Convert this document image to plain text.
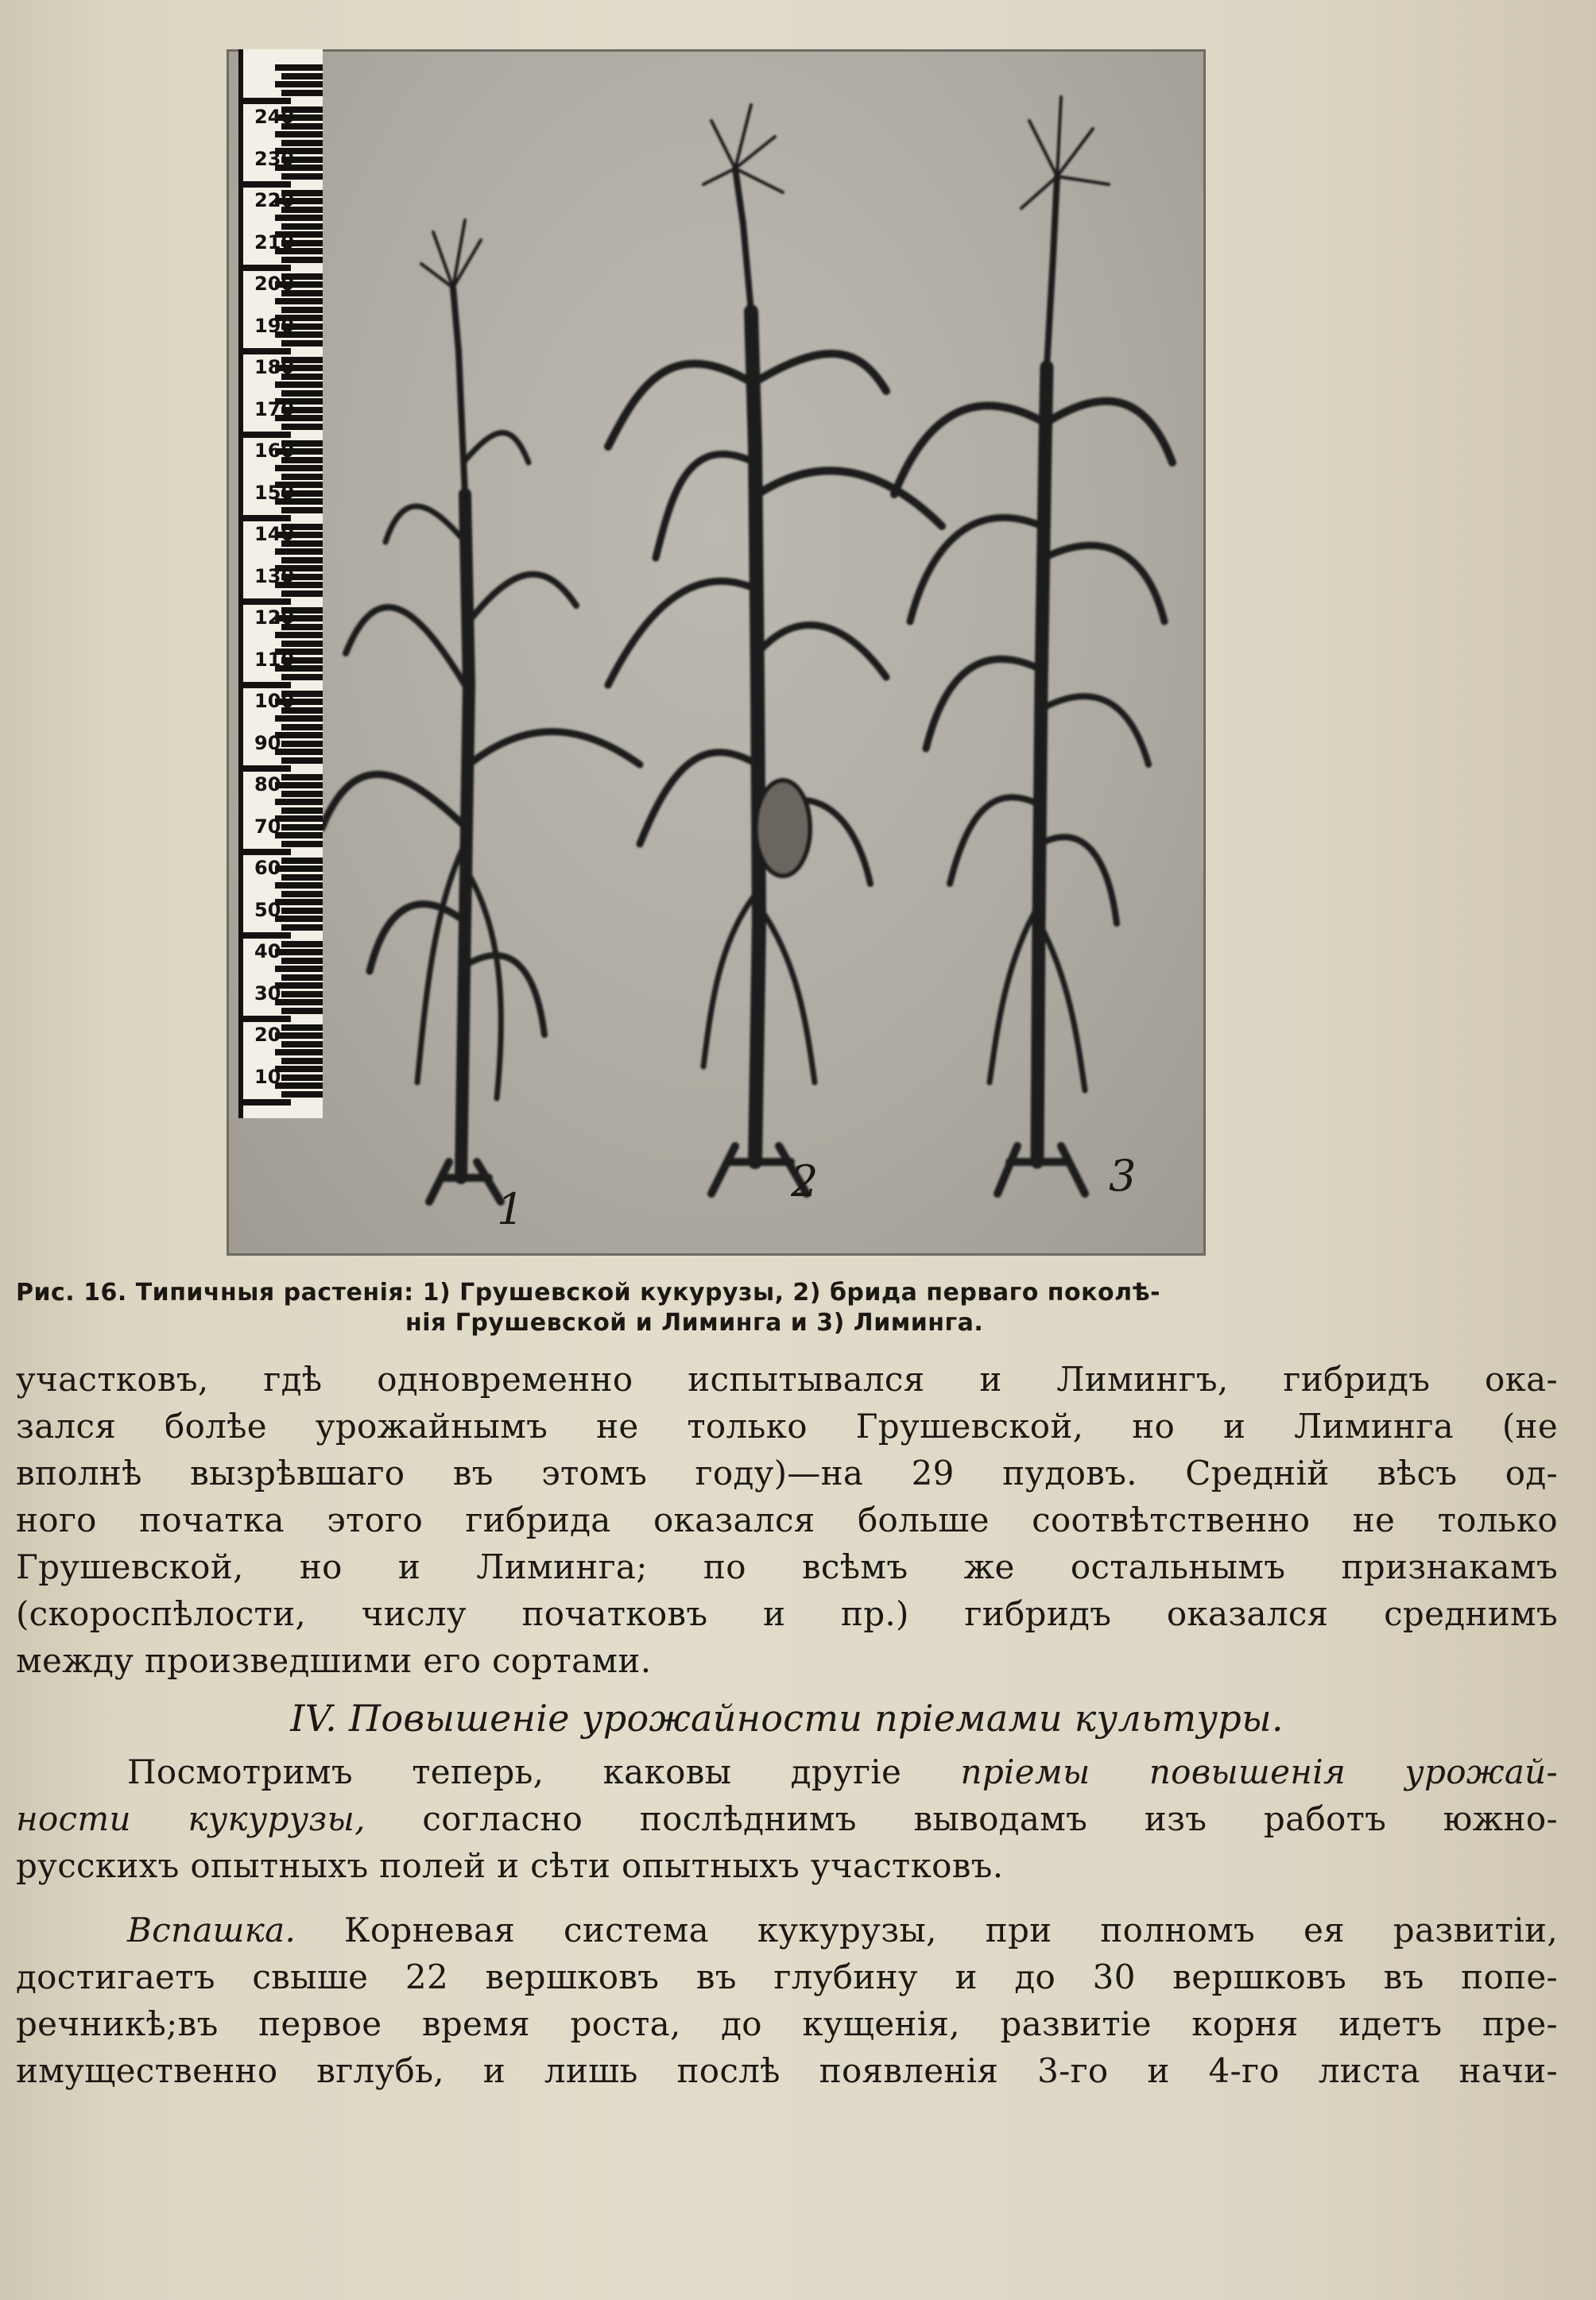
10
20
30
40
50
60
70
80
90
100
110
120
130
140
150
160
170
180
190
200
210
220
230
240
1
2	3
Рис. 16. Типичныя растенія: 1) Грушевской кукурузы, 2) брида перваго поколѣ-
нія Грушевской и Лиминга и 3) Лиминга.

участковъ, гдѣ одновременно испытывался и Лимингъ, гибридъ ока-

зался болѣе урожайнымъ не только Грушевской, но и Лиминга (не

вполнѣ вызрѣвшаго въ этомъ году)—на 29 пудовъ. Средній вѣсъ од-

ного початка этого гибрида оказался больше соотвѣтственно не только

Грушевской, но и Лиминга; по всѣмъ же остальнымъ признакамъ

(скороспѣлости, числу початковъ и пр.) гибридъ оказался среднимъ

между произведшими его сортами.

IV. Повышеніе урожайности пріемами культуры.

Посмотримъ теперь, каковы другіе пріемы повышенія урожай-

ности кукурузы, согласно послѣднимъ выводамъ изъ работъ южно-

русскихъ опытныхъ полей и сѣти опытныхъ участковъ.

Вспашка. Корневая система кукурузы, при полномъ ея развитіи,

достигаетъ свыше 22 вершковъ въ глубину и до 30 вершковъ въ попе-

речникѣ;въ первое время роста, до кущенія, развитіе корня идетъ пре-

имущественно вглубь, и лишь послѣ появленія 3-го и 4-го листа начи-
